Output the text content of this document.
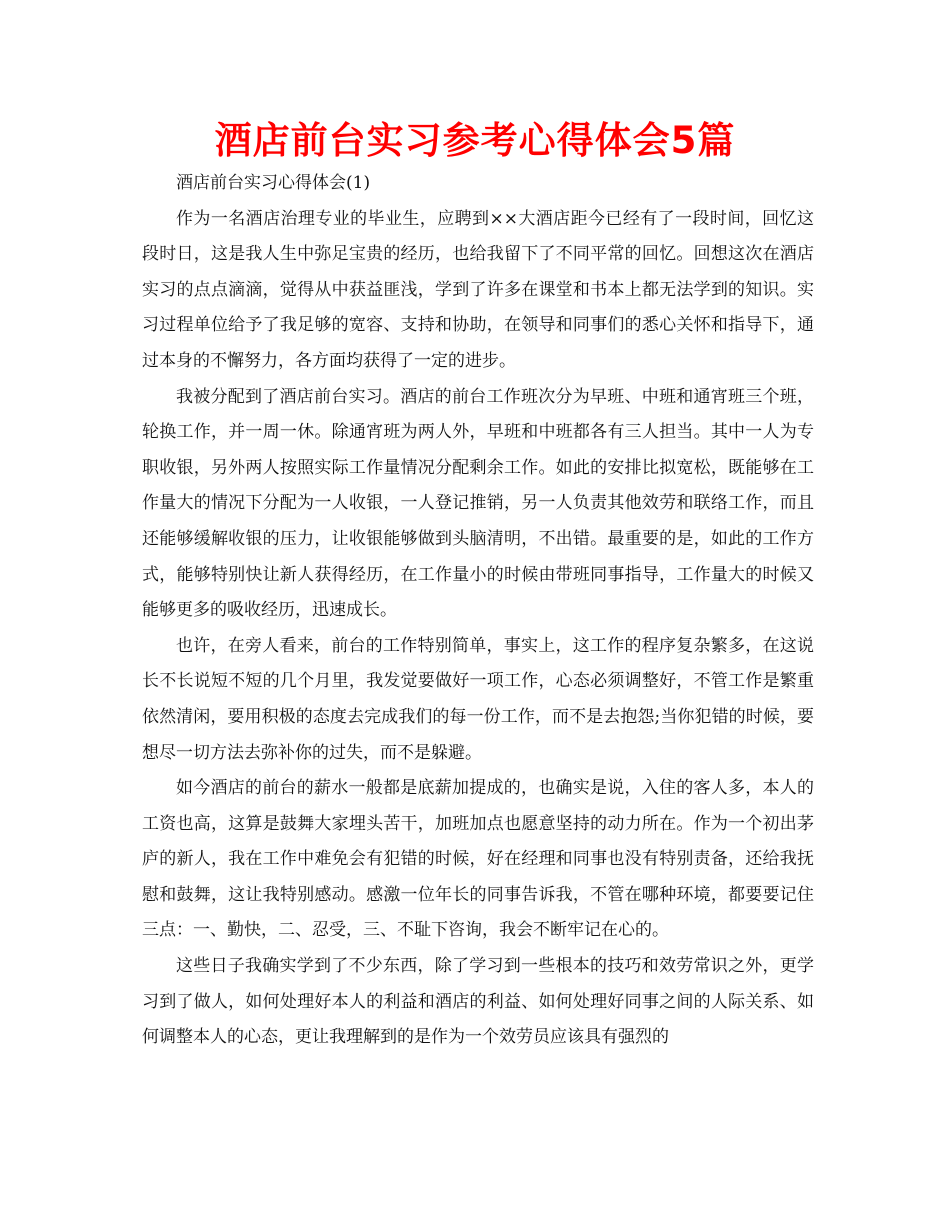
酒店前台实习参考心得体会5篇

酒店前台实习心得体会(1)

作为一名酒店治理专业的毕业生，应聘到××大酒店距今已经有了一段时间，回忆这段时日，这是我人生中弥足宝贵的经历，也给我留下了不同平常的回忆。回想这次在酒店实习的点点滴滴，觉得从中获益匪浅，学到了许多在课堂和书本上都无法学到的知识。实习过程单位给予了我足够的宽容、支持和协助，在领导和同事们的悉心关怀和指导下，通过本身的不懈努力，各方面均获得了一定的进步。

我被分配到了酒店前台实习。酒店的前台工作班次分为早班、中班和通宵班三个班，轮换工作，并一周一休。除通宵班为两人外，早班和中班都各有三人担当。其中一人为专职收银，另外两人按照实际工作量情况分配剩余工作。如此的安排比拟宽松，既能够在工作量大的情况下分配为一人收银，一人登记推销，另一人负责其他效劳和联络工作，而且还能够缓解收银的压力，让收银能够做到头脑清明，不出错。最重要的是，如此的工作方式，能够特别快让新人获得经历，在工作量小的时候由带班同事指导，工作量大的时候又能够更多的吸收经历，迅速成长。

也许，在旁人看来，前台的工作特别简单，事实上，这工作的程序复杂繁多，在这说长不长说短不短的几个月里，我发觉要做好一项工作，心态必须调整好，不管工作是繁重依然清闲，要用积极的态度去完成我们的每一份工作，而不是去抱怨;当你犯错的时候，要想尽一切方法去弥补你的过失，而不是躲避。

如今酒店的前台的薪水一般都是底薪加提成的，也确实是说，入住的客人多，本人的工资也高，这算是鼓舞大家埋头苦干，加班加点也愿意坚持的动力所在。作为一个初出茅庐的新人，我在工作中难免会有犯错的时候，好在经理和同事也没有特别责备，还给我抚慰和鼓舞，这让我特别感动。感激一位年长的同事告诉我，不管在哪种环境，都要要记住三点：一、勤快，二、忍受，三、不耻下咨询，我会不断牢记在心的。

这些日子我确实学到了不少东西，除了学习到一些根本的技巧和效劳常识之外，更学习到了做人，如何处理好本人的利益和酒店的利益、如何处理好同事之间的人际关系、如何调整本人的心态，更让我理解到的是作为一个效劳员应该具有强烈的
